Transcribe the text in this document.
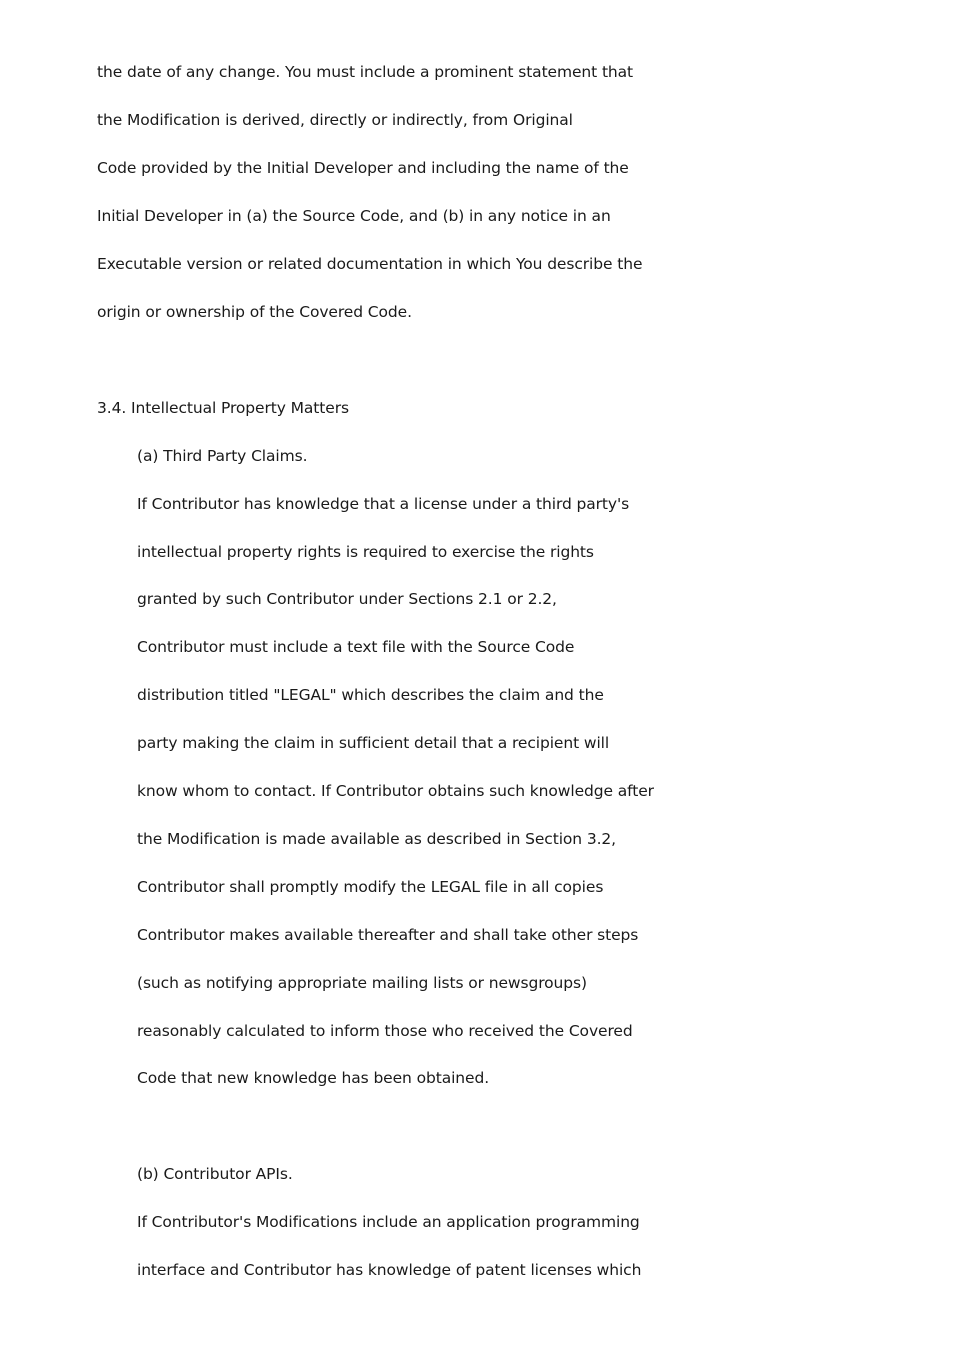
the date of any change. You must include a prominent statement that

the Modification is derived, directly or indirectly, from Original

Code provided by the Initial Developer and including the name of the

Initial Developer in (a) the Source Code, and (b) in any notice in an

Executable version or related documentation in which You describe the

origin or ownership of the Covered Code.

3.4. Intellectual Property Matters

(a) Third Party Claims.

If Contributor has knowledge that a license under a third party's

intellectual property rights is required to exercise the rights

granted by such Contributor under Sections 2.1 or 2.2,

Contributor must include a text file with the Source Code

distribution titled "LEGAL" which describes the claim and the

party making the claim in sufficient detail that a recipient will

know whom to contact. If Contributor obtains such knowledge after

the Modification is made available as described in Section 3.2,

Contributor shall promptly modify the LEGAL file in all copies

Contributor makes available thereafter and shall take other steps

(such as notifying appropriate mailing lists or newsgroups)

reasonably calculated to inform those who received the Covered

Code that new knowledge has been obtained.

(b) Contributor APIs.

If Contributor's Modifications include an application programming

interface and Contributor has knowledge of patent licenses which
